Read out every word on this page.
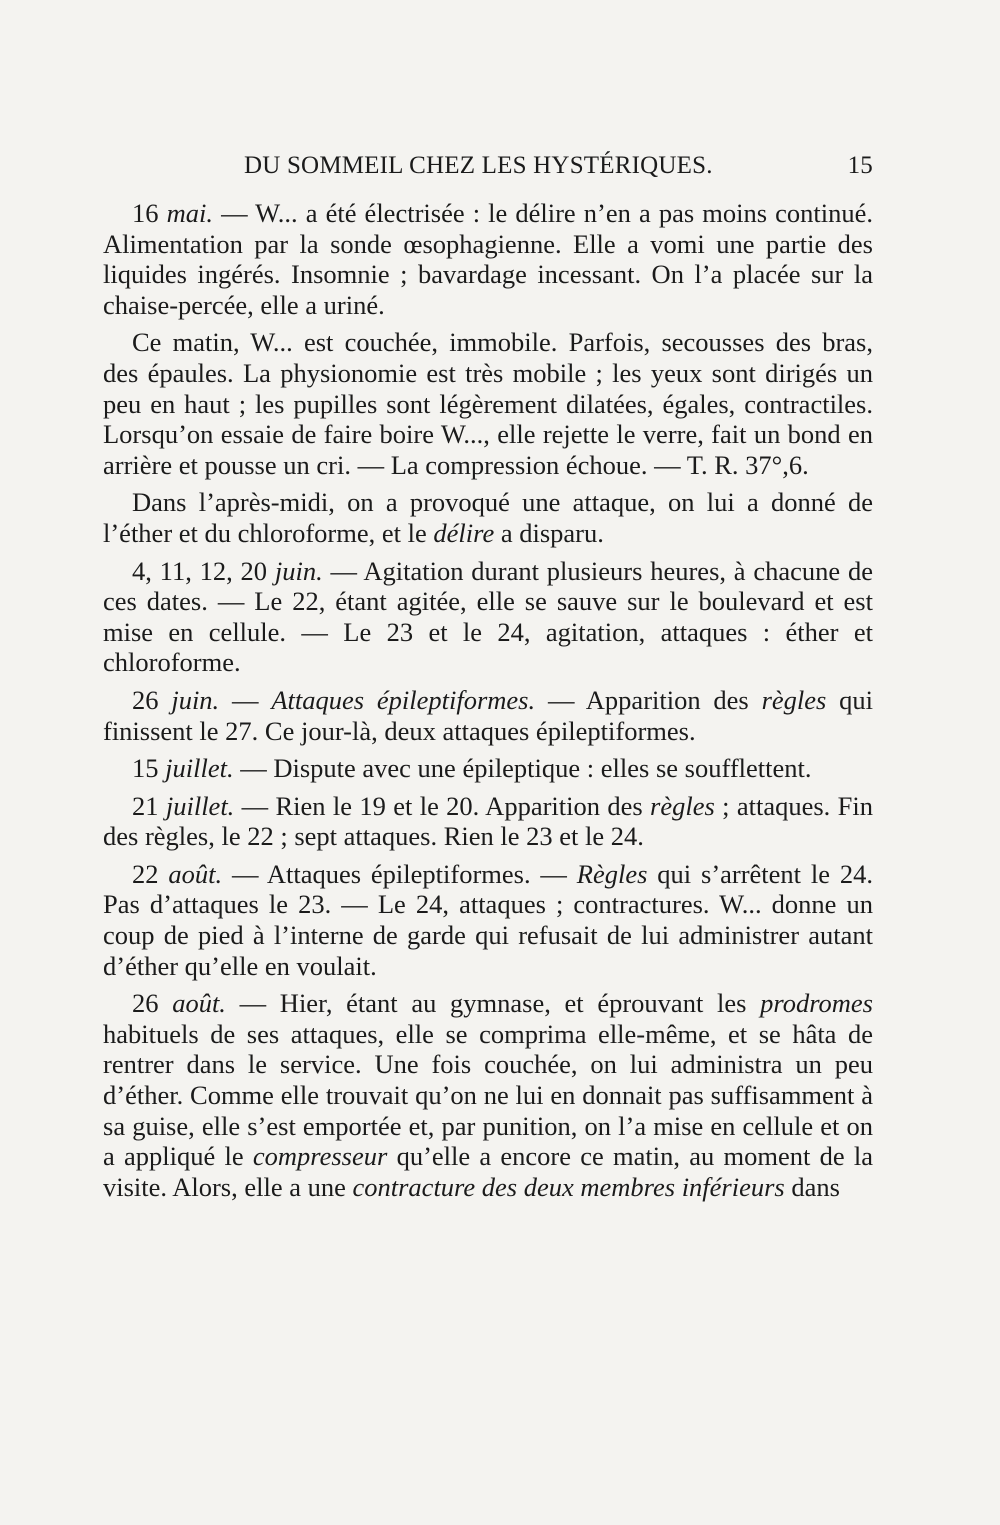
DU SOMMEIL CHEZ LES HYSTÉRIQUES.	15

16 mai. — W... a été électrisée : le délire n’en a pas moins continué. Alimentation par la sonde œsophagienne. Elle a vomi une partie des liquides ingérés. Insomnie ; bavardage incessant. On l’a placée sur la chaise-percée, elle a uriné.

Ce matin, W... est couchée, immobile. Parfois, secousses des bras, des épaules. La physionomie est très mobile ; les yeux sont dirigés un peu en haut ; les pupilles sont légèrement dilatées, égales, contractiles. Lorsqu’on essaie de faire boire W..., elle rejette le verre, fait un bond en arrière et pousse un cri. — La compression échoue. — T. R. 37°,6.

Dans l’après-midi, on a provoqué une attaque, on lui a donné de l’éther et du chloroforme, et le délire a disparu.

4, 11, 12, 20 juin. — Agitation durant plusieurs heures, à chacune de ces dates. — Le 22, étant agitée, elle se sauve sur le boulevard et est mise en cellule. — Le 23 et le 24, agitation, attaques : éther et chloroforme.

26 juin. — Attaques épileptiformes. — Apparition des règles qui finissent le 27. Ce jour-là, deux attaques épileptiformes.

15 juillet. — Dispute avec une épileptique : elles se soufflettent.

21 juillet. — Rien le 19 et le 20. Apparition des règles ; attaques. Fin des règles, le 22 ; sept attaques. Rien le 23 et le 24.

22 août. — Attaques épileptiformes. — Règles qui s’arrêtent le 24. Pas d’attaques le 23. — Le 24, attaques ; contractures. W... donne un coup de pied à l’interne de garde qui refusait de lui administrer autant d’éther qu’elle en voulait.

26 août. — Hier, étant au gymnase, et éprouvant les prodromes habituels de ses attaques, elle se comprima elle-même, et se hâta de rentrer dans le service. Une fois couchée, on lui administra un peu d’éther. Comme elle trouvait qu’on ne lui en donnait pas suffisamment à sa guise, elle s’est emportée et, par punition, on l’a mise en cellule et on a appliqué le compresseur qu’elle a encore ce matin, au moment de la visite. Alors, elle a une contracture des deux membres inférieurs dans
